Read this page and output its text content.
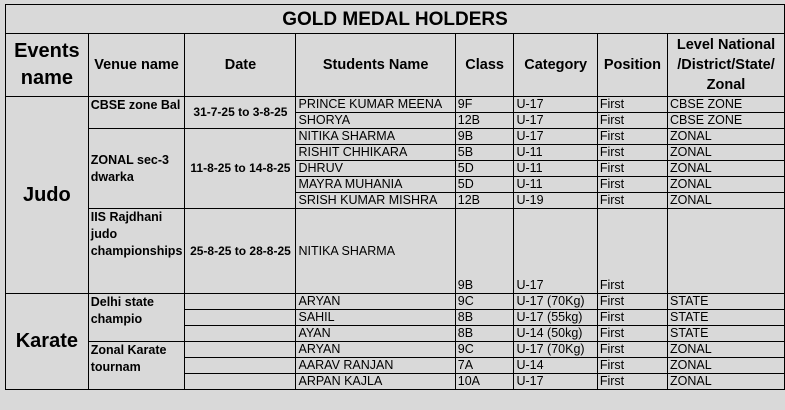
GOLD MEDAL HOLDERS							
Events name	Venue name	Date	Students Name	Class	Category	Position	Level National /District/State/ Zonal
Judo	CBSE zone Bal	31-7-25 to 3-8-25	PRINCE KUMAR MEENA	9F	U-17	First	CBSE ZONE
			SHORYA	12B	U-17	First	CBSE ZONE
	ZONAL sec-3 dwarka	11-8-25 to 14-8-25	NITIKA SHARMA	9B	U-17	First	ZONAL
			RISHIT CHHIKARA	5B	U-11	First	ZONAL
			DHRUV	5D	U-11	First	ZONAL
			MAYRA MUHANIA	5D	U-11	First	ZONAL
			SRISH KUMAR MISHRA	12B	U-19	First	ZONAL
	IIS Rajdhani judo championships	25-8-25 to 28-8-25	NITIKA SHARMA	9B	U-17	First	
Karate	Delhi state champio		ARYAN	9C	U-17 (70Kg)	First	STATE
			SAHIL	8B	U-17 (55kg)	First	STATE
			AYAN	8B	U-14 (50kg)	First	STATE
	Zonal Karate tournam		ARYAN	9C	U-17 (70Kg)	First	ZONAL
			AARAV RANJAN	7A	U-14	First	ZONAL
			ARPAN KAJLA	10A	U-17	First	ZONAL
